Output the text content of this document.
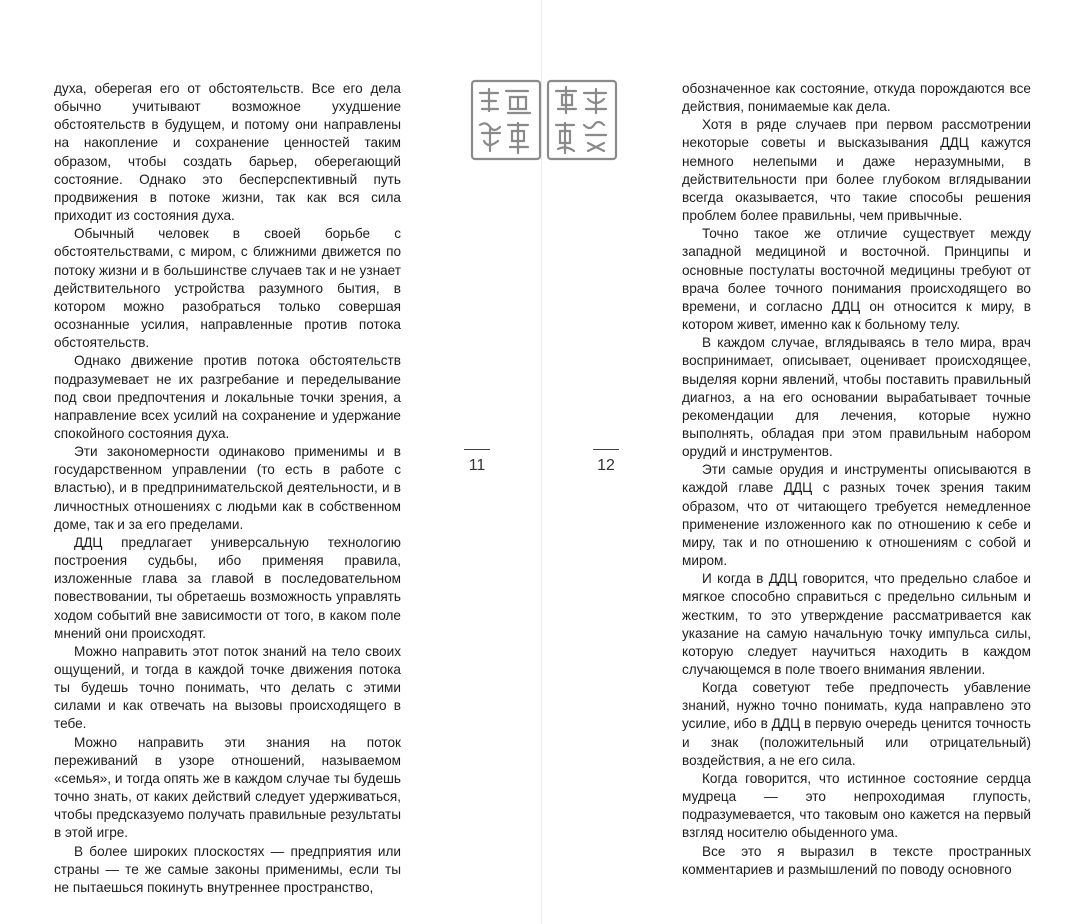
духа, оберегая его от обстоятельств. Все его дела обычно учитывают возможное ухудшение обстоятельств в будущем, и потому они направлены на накопление и сохранение ценностей таким образом, чтобы создать барьер, оберегающий состояние. Однако это бесперспективный путь продвижения в потоке жизни, так как вся сила приходит из состояния духа.

Обычный человек в своей борьбе с обстоятельствами, с миром, с ближними движется по потоку жизни и в большинстве случаев так и не узнает действительного устройства разумного бытия, в котором можно разобраться только совершая осознанные усилия, направленные против потока обстоятельств.

Однако движение против потока обстоятельств подразумевает не их разгребание и переделывание под свои предпочтения и локальные точки зрения, а направление всех усилий на сохранение и удержание спокойного состояния духа.

Эти закономерности одинаково применимы и в государственном управлении (то есть в работе с властью), и в предпринимательской деятельности, и в личностных отношениях с людьми как в собственном доме, так и за его пределами.

ДДЦ предлагает универсальную технологию построения судьбы, ибо применяя правила, изложенные глава за главой в последовательном повествовании, ты обретаешь возможность управлять ходом событий вне зависимости от того, в каком поле мнений они происходят.

Можно направить этот поток знаний на тело своих ощущений, и тогда в каждой точке движения потока ты будешь точно понимать, что делать с этими силами и как отвечать на вызовы происходящего в тебе.

Можно направить эти знания на поток переживаний в узоре отношений, называемом «семья», и тогда опять же в каждом случае ты будешь точно знать, от каких действий следует удерживаться, чтобы предсказуемо получать правильные результаты в этой игре.

В более широких плоскостях — предприятия или страны — те же самые законы применимы, если ты не пытаешься покинуть внутреннее пространство,

обозначенное как состояние, откуда порождаются все действия, понимаемые как дела.

Хотя в ряде случаев при первом рассмотрении некоторые советы и высказывания ДДЦ кажутся немного нелепыми и даже неразумными, в действительности при более глубоком вглядывании всегда оказывается, что такие способы решения проблем более правильны, чем привычные.

Точно такое же отличие существует между западной медициной и восточной. Принципы и основные постулаты восточной медицины требуют от врача более точного понимания происходящего во времени, и согласно ДДЦ он относится к миру, в котором живет, именно как к больному телу.

В каждом случае, вглядываясь в тело мира, врач воспринимает, описывает, оценивает происходящее, выделяя корни явлений, чтобы поставить правильный диагноз, а на его основании вырабатывает точные рекомендации для лечения, которые нужно выполнять, обладая при этом правильным набором орудий и инструментов.

Эти самые орудия и инструменты описываются в каждой главе ДДЦ с разных точек зрения таким образом, что от читающего требуется немедленное применение изложенного как по отношению к себе и миру, так и по отношению к отношениям с собой и миром.

И когда в ДДЦ говорится, что предельно слабое и мягкое способно справиться с предельно сильным и жестким, то это утверждение рассматривается как указание на самую начальную точку импульса силы, которую следует научиться находить в каждом случающемся в поле твоего внимания явлении.

Когда советуют тебе предпочесть убавление знаний, нужно точно понимать, куда направлено это усилие, ибо в ДДЦ в первую очередь ценится точность и знак (положительный или отрицательный) воздействия, а не его сила.

Когда говорится, что истинное состояние сердца мудреца — это непроходимая глупость, подразумевается, что таковым оно кажется на первый взгляд носителю обыденного ума.

Все это я выразил в тексте пространных комментариев и размышлений по поводу основного

11	12
